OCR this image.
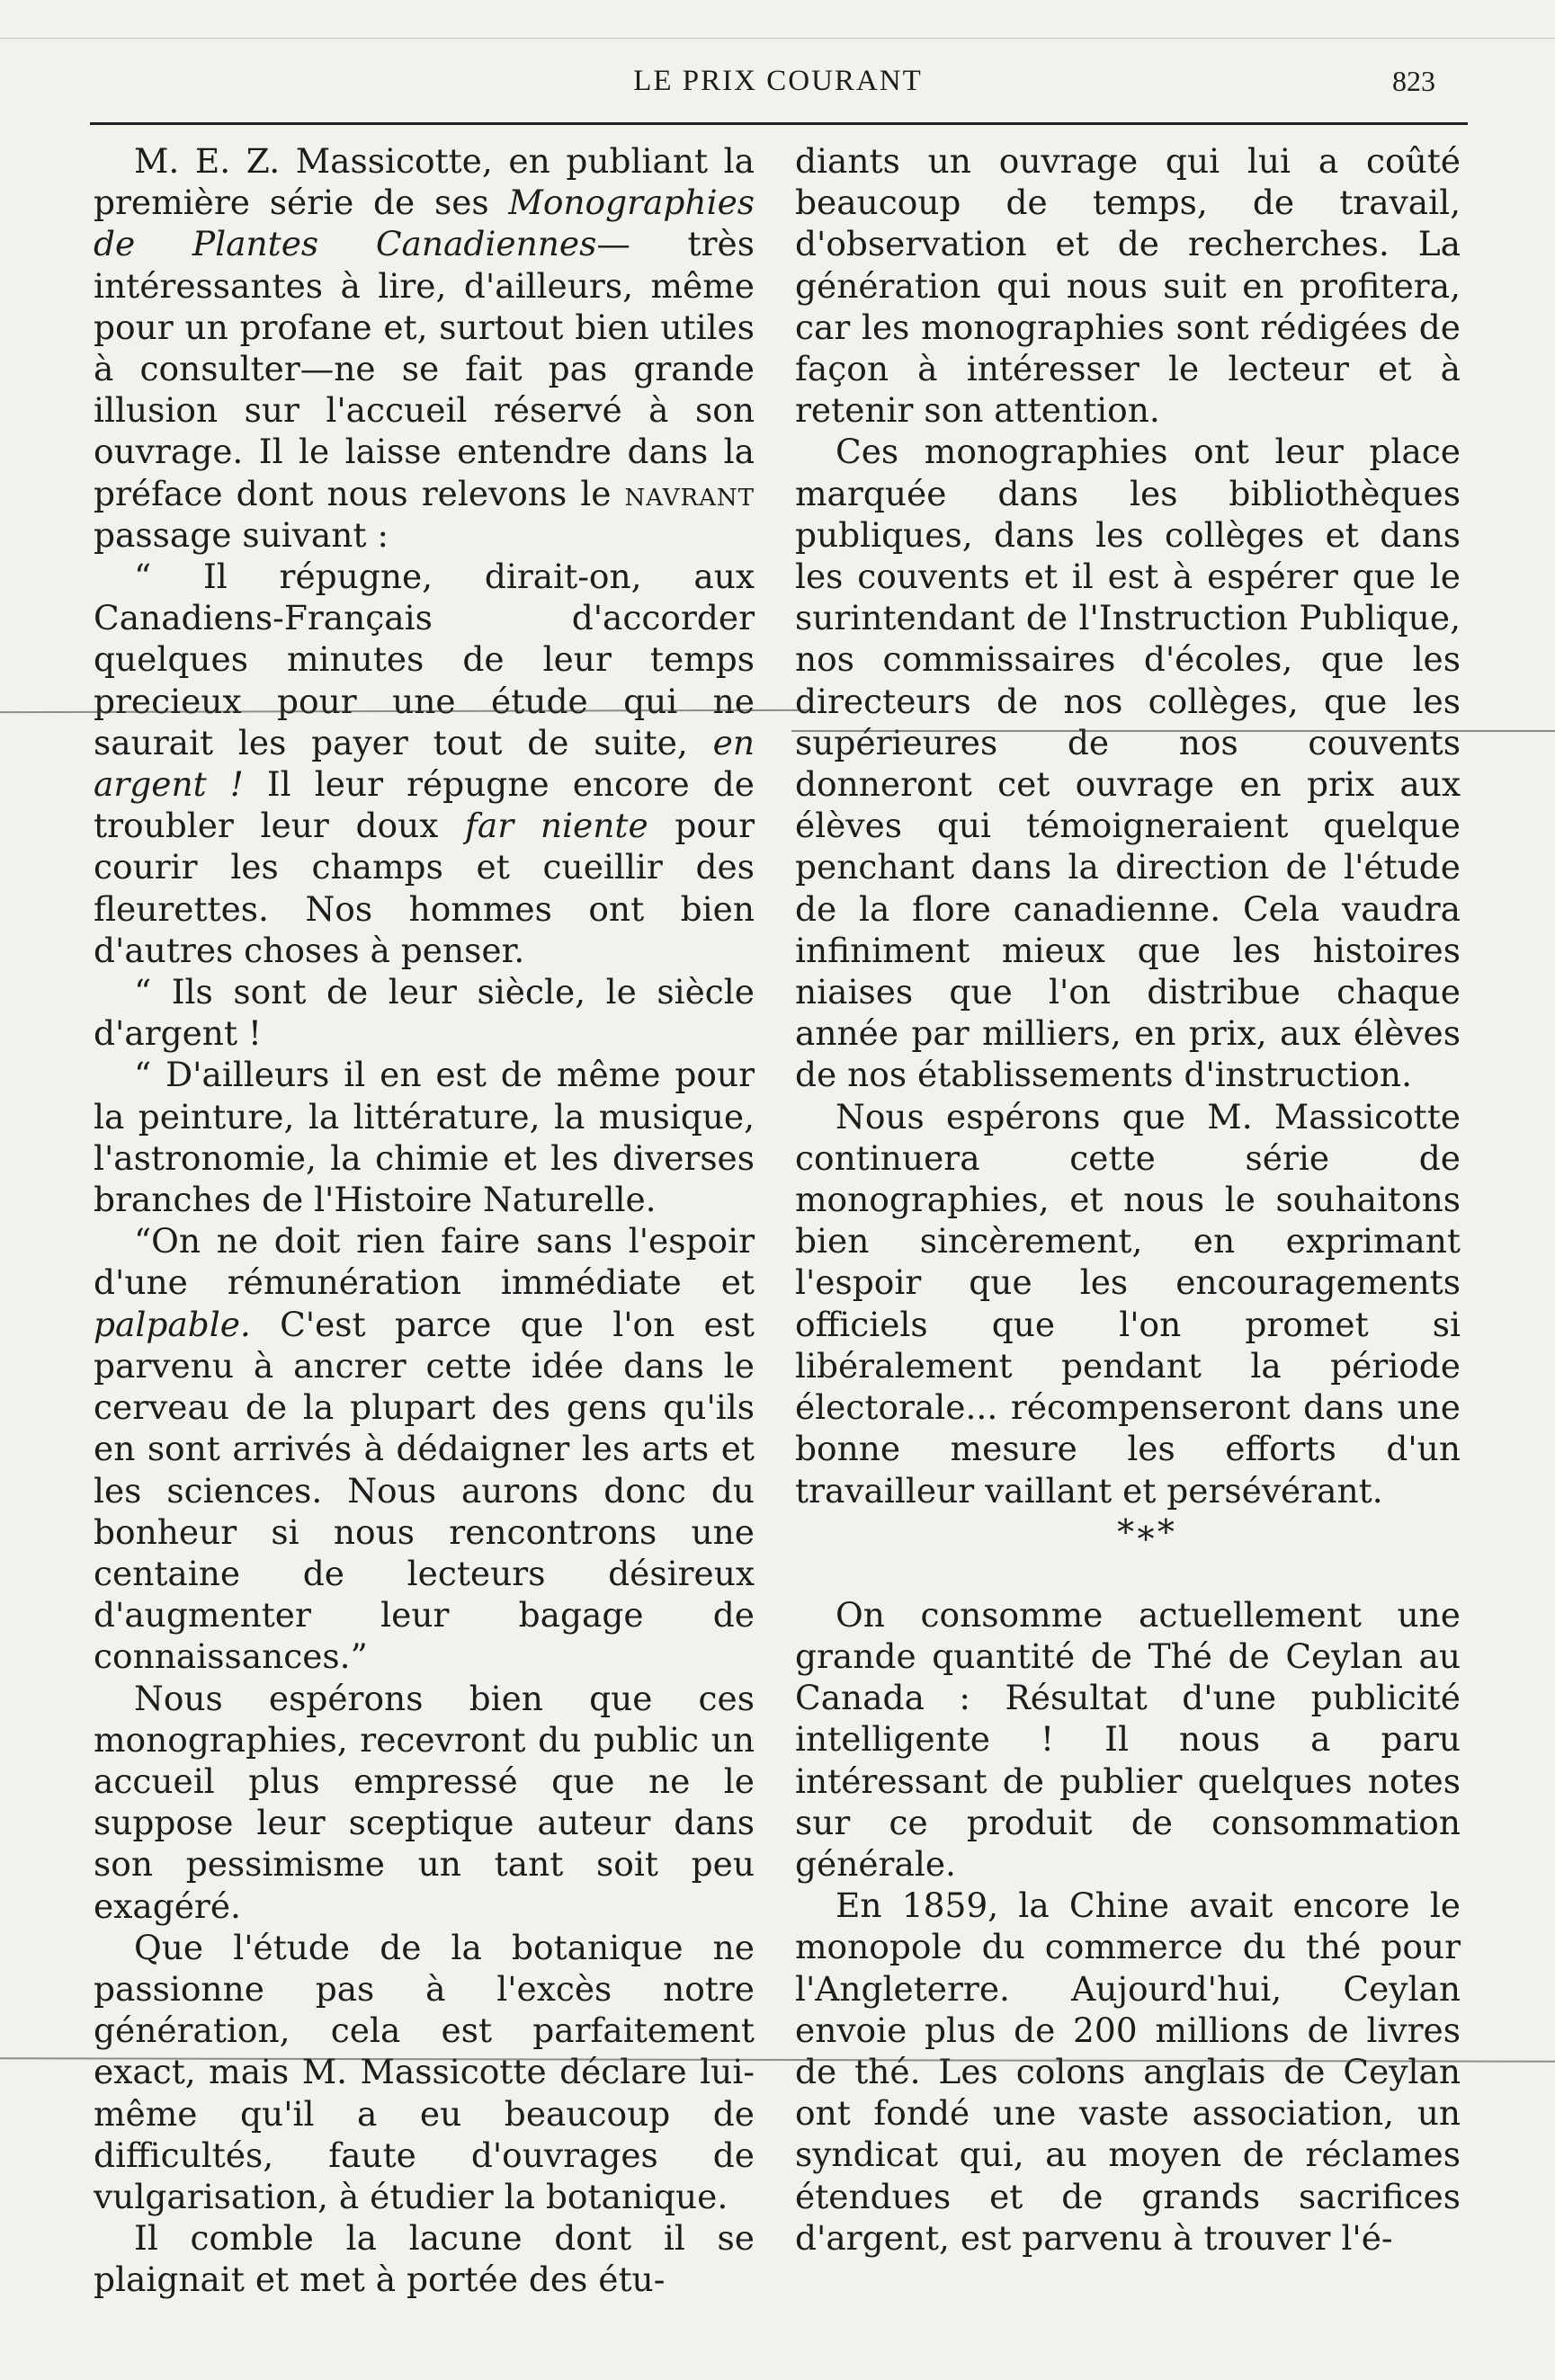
LE PRIX COURANT	823

M. E. Z. Massicotte, en publiant la première série de ses Monographies de Plantes Canadiennes— très intéressantes à lire, d'ailleurs, même pour un profane et, surtout bien utiles à consulter—ne se fait pas grande illusion sur l'accueil réservé à son ouvrage. Il le laisse entendre dans la préface dont nous relevons le navrant passage suivant :

“ Il répugne, dirait-on, aux Canadiens-Français d'accorder quelques minutes de leur temps precieux pour une étude qui ne saurait les payer tout de suite, en argent ! Il leur répugne encore de troubler leur doux far niente pour courir les champs et cueillir des fleurettes. Nos hommes ont bien d'autres choses à penser.

“ Ils sont de leur siècle, le siècle d'argent !

“ D'ailleurs il en est de même pour la peinture, la littérature, la musique, l'astronomie, la chimie et les diverses branches de l'Histoire Naturelle.

“On ne doit rien faire sans l'espoir d'une rémunération immédiate et palpable. C'est parce que l'on est parvenu à ancrer cette idée dans le cerveau de la plupart des gens qu'ils en sont arrivés à dédaigner les arts et les sciences. Nous aurons donc du bonheur si nous rencontrons une centaine de lecteurs désireux d'augmenter leur bagage de connaissances.”

Nous espérons bien que ces monographies, recevront du public un accueil plus empressé que ne le suppose leur sceptique auteur dans son pessimisme un tant soit peu exagéré.

Que l'étude de la botanique ne passionne pas à l'excès notre génération, cela est parfaitement exact, mais M. Massicotte déclare lui-même qu'il a eu beaucoup de difficultés, faute d'ouvrages de vulgarisation, à étudier la botanique.

Il comble la lacune dont il se plaignait et met à portée des étu-

diants un ouvrage qui lui a coûté beaucoup de temps, de travail, d'observation et de recherches. La génération qui nous suit en profitera, car les monographies sont rédigées de façon à intéresser le lecteur et à retenir son attention.

Ces monographies ont leur place marquée dans les bibliothèques publiques, dans les collèges et dans les couvents et il est à espérer que le surintendant de l'Instruction Publique, nos commissaires d'écoles, que les directeurs de nos collèges, que les supérieures de nos couvents donneront cet ouvrage en prix aux élèves qui témoigneraient quelque penchant dans la direction de l'étude de la flore canadienne. Cela vaudra infiniment mieux que les histoires niaises que l'on distribue chaque année par milliers, en prix, aux élèves de nos établissements d'instruction.

Nous espérons que M. Massicotte continuera cette série de monographies, et nous le souhaitons bien sincèrement, en exprimant l'espoir que les encouragements officiels que l'on promet si libéralement pendant la période électorale... récompenseront dans une bonne mesure les efforts d'un travailleur vaillant et persévérant.

*∗*

On consomme actuellement une grande quantité de Thé de Ceylan au Canada : Résultat d'une publicité intelligente ! Il nous a paru intéressant de publier quelques notes sur ce produit de consommation générale.

En 1859, la Chine avait encore le monopole du commerce du thé pour l'Angleterre. Aujourd'hui, Ceylan envoie plus de 200 millions de livres de thé. Les colons anglais de Ceylan ont fondé une vaste association, un syndicat qui, au moyen de réclames étendues et de grands sacrifices d'argent, est parvenu à trouver l'é-
